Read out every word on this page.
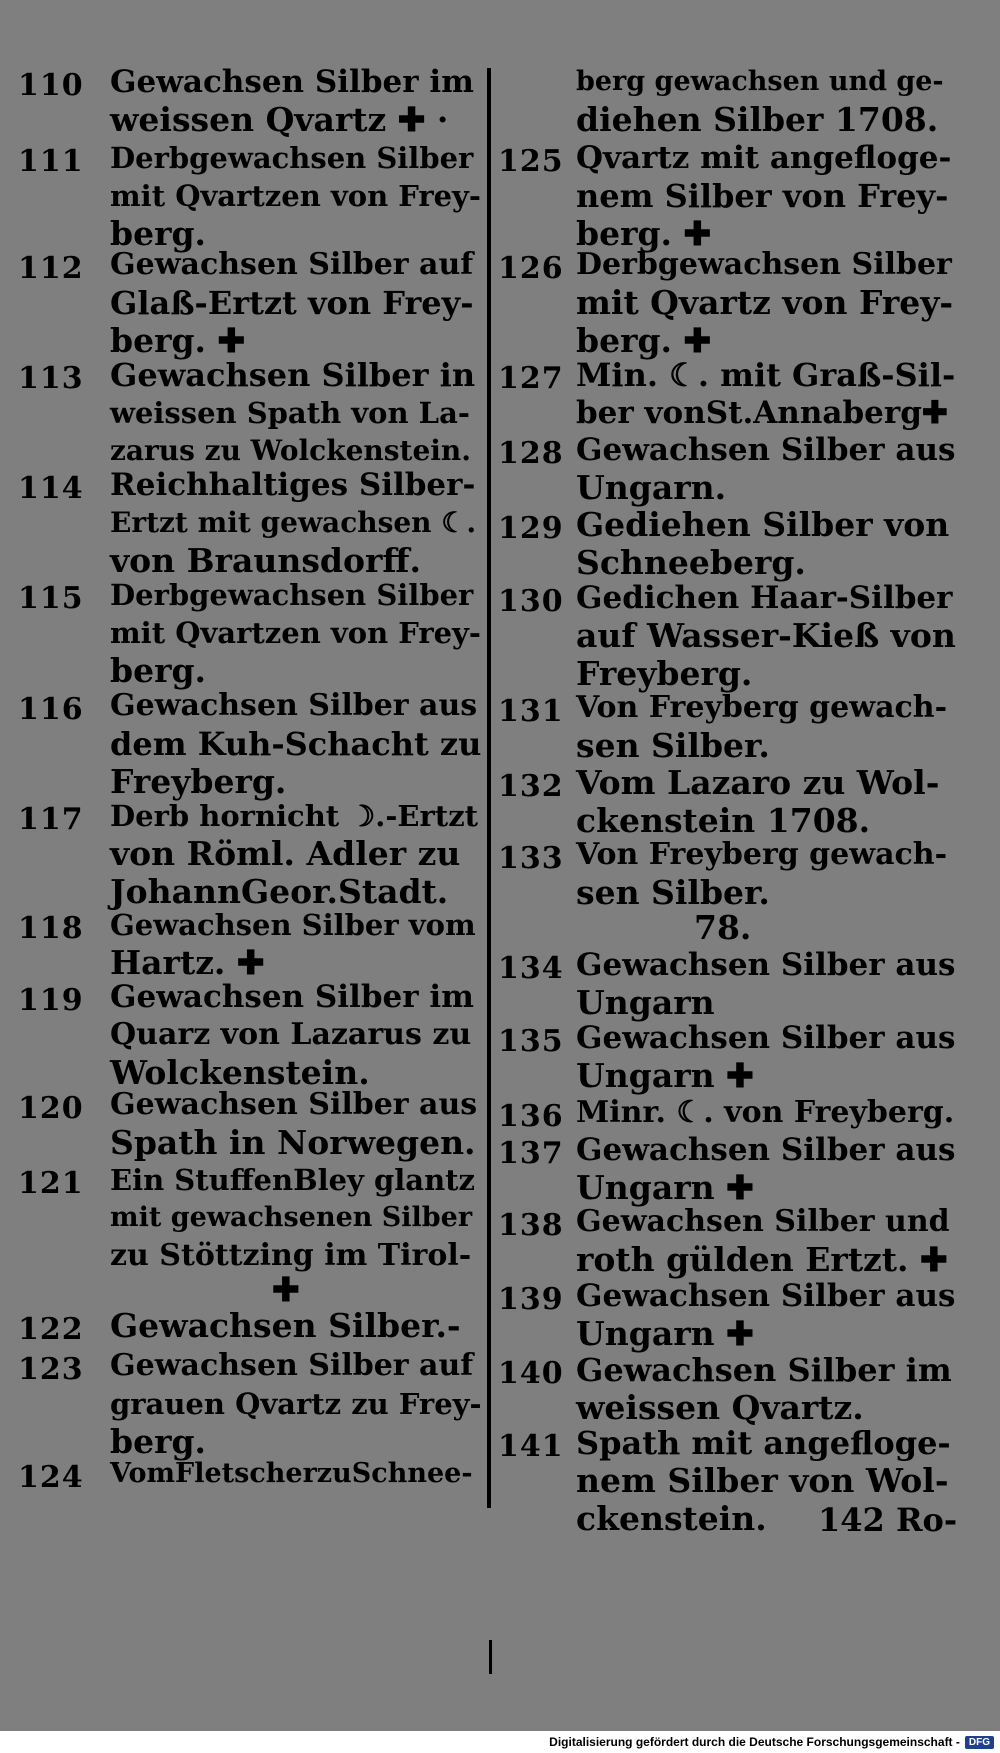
110 Gewachsen Silber im
weissen Qvartz ✚ ·
111 Derbgewachsen Silber
mit Qvartzen von Frey-
berg.
112 Gewachsen Silber auf
Glaß-Ertzt von Frey-
berg. ✚
113 Gewachsen Silber in
weissen Spath von La-
zarus zu Wolckenstein.
114 Reichhaltiges Silber-
Ertzt mit gewachsen ☾.
von Braunsdorff.
115 Derbgewachsen Silber
mit Qvartzen von Frey-
berg.
116 Gewachsen Silber aus
dem Kuh-Schacht zu
Freyberg.
117 Derb hornicht ☽.-Ertzt
von Röml. Adler zu
JohannGeor.Stadt.
118 Gewachsen Silber vom
Hartz. ✚
119 Gewachsen Silber im
Quarz von Lazarus zu
Wolckenstein.
120 Gewachsen Silber aus
Spath in Norwegen.
121 Ein StuffenBley glantz
mit gewachsenen Silber
zu Stöttzing im Tirol-
✚
122 Gewachsen Silber.-
123 Gewachsen Silber auf
grauen Qvartz zu Frey-
berg.
124 VomFletscherzuSchnee-
berg gewachsen und ge-
diehen Silber 1708.
125 Qvartz mit angefloge-
nem Silber von Frey-
berg. ✚
126 Derbgewachsen Silber
mit Qvartz von Frey-
berg. ✚
127 Min. ☾. mit Graß-Sil-
ber vonSt.Annaberg✚
128 Gewachsen Silber aus
Ungarn.
129 Gediehen Silber von
Schneeberg.
130 Gedichen Haar-Silber
auf Wasser-Kieß von
Freyberg.
131 Von Freyberg gewach-
sen Silber.
132 Vom Lazaro zu Wol-
ckenstein 1708.
133 Von Freyberg gewach-
sen Silber.
78.
134 Gewachsen Silber aus
Ungarn
135 Gewachsen Silber aus
Ungarn ✚
136 Minr. ☾. von Freyberg.
137 Gewachsen Silber aus
Ungarn ✚
138 Gewachsen Silber und
roth gülden Ertzt. ✚
139 Gewachsen Silber aus
Ungarn ✚
140 Gewachsen Silber im
weissen Qvartz.
141 Spath mit angefloge-
nem Silber von Wol-
ckenstein. 142 Ro-
Digitalisierung gefördert durch die Deutsche Forschungsgemeinschaft - DFG
